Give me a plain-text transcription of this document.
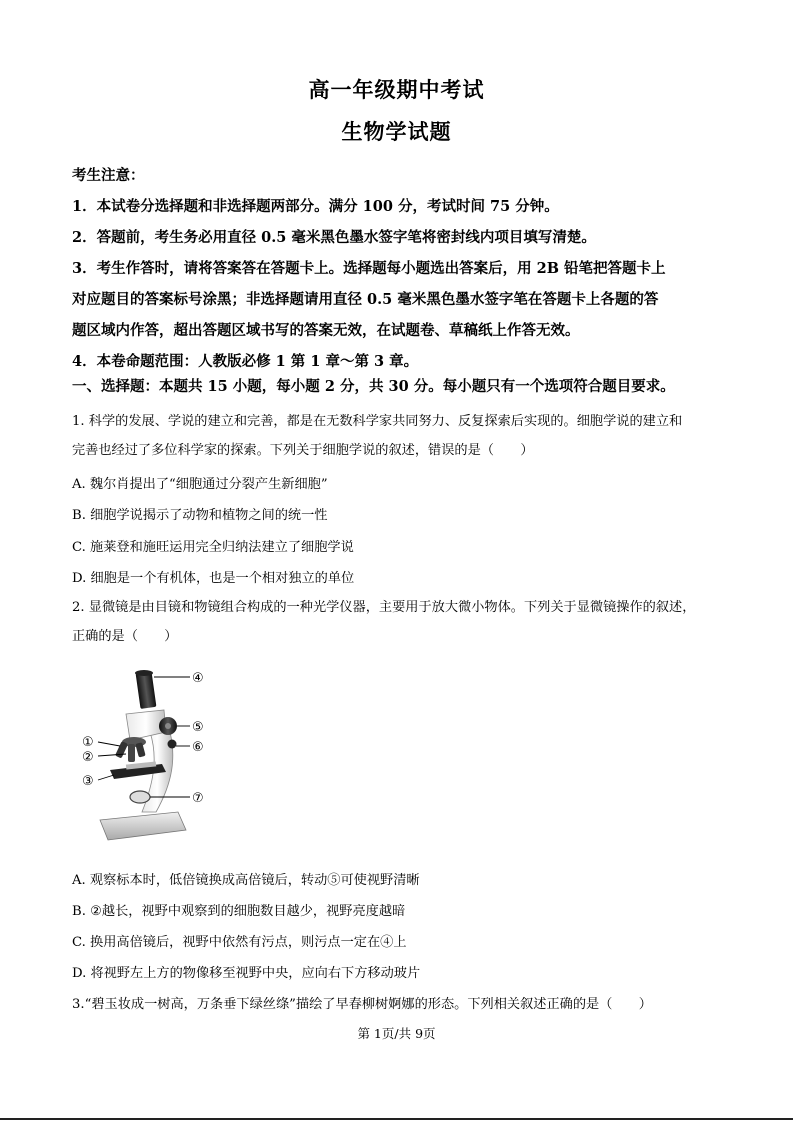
高一年级期中考试
生物学试题
考生注意：
1．本试卷分选择题和非选择题两部分。满分 100 分，考试时间 75 分钟。
2．答题前，考生务必用直径 0.5 毫米黑色墨水签字笔将密封线内项目填写清楚。
3．考生作答时，请将答案答在答题卡上。选择题每小题选出答案后，用 2B 铅笔把答题卡上
对应题目的答案标号涂黑；非选择题请用直径 0.5 毫米黑色墨水签字笔在答题卡上各题的答
题区域内作答，超出答题区域书写的答案无效，在试题卷、草稿纸上作答无效。
4．本卷命题范围：人教版必修 1 第 1 章～第 3 章。
一、选择题：本题共 15 小题，每小题 2 分，共 30 分。每小题只有一个选项符合题目要求。
1. 科学的发展、学说的建立和完善，都是在无数科学家共同努力、反复探索后实现的。细胞学说的建立和
完善也经过了多位科学家的探索。下列关于细胞学说的叙述，错误的是（　　）
A. 魏尔肖提出了“细胞通过分裂产生新细胞”
B. 细胞学说揭示了动物和植物之间的统一性
C. 施莱登和施旺运用完全归纳法建立了细胞学说
D. 细胞是一个有机体，也是一个相对独立的单位
2. 显微镜是由目镜和物镜组合构成的一种光学仪器，主要用于放大微小物体。下列关于显微镜操作的叙述，
正确的是（　　）
④
⑤
⑥
①
②
③
⑦
A. 观察标本时，低倍镜换成高倍镜后，转动⑤可使视野清晰
B. ②越长，视野中观察到的细胞数目越少，视野亮度越暗
C. 换用高倍镜后，视野中依然有污点，则污点一定在④上
D. 将视野左上方的物像移至视野中央，应向右下方移动玻片
3.“碧玉妆成一树高，万条垂下绿丝绦”描绘了早春柳树婀娜的形态。下列相关叙述正确的是（　　）
第 1页/共 9页
